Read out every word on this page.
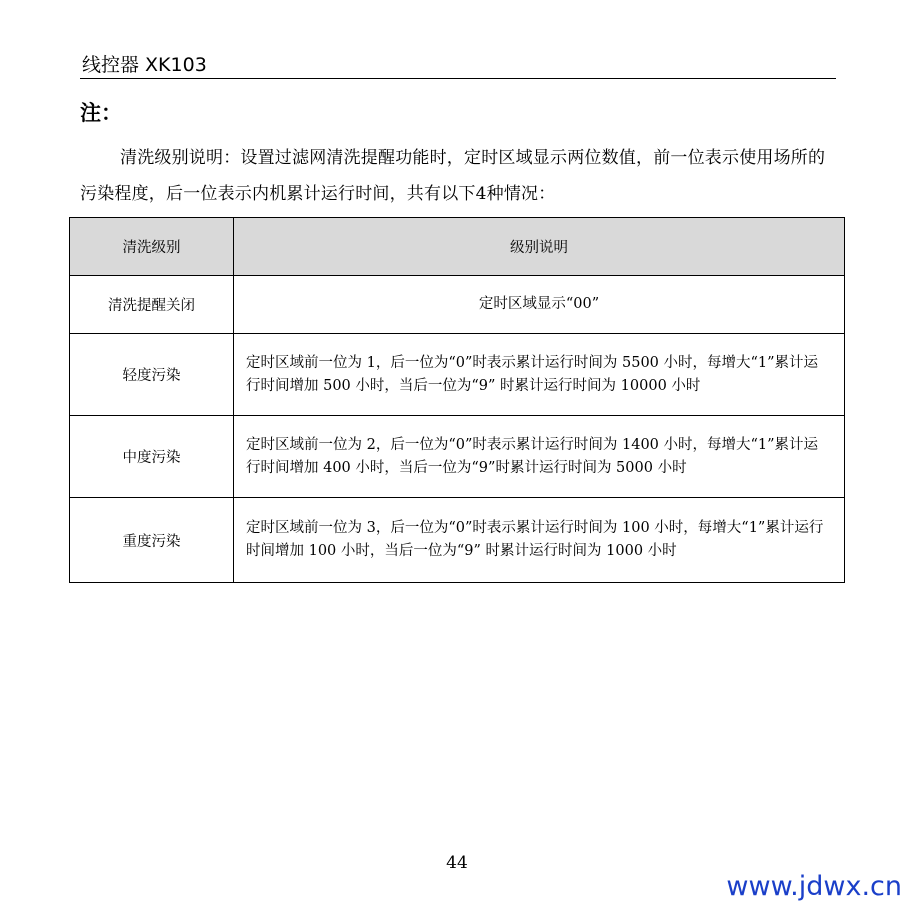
线控器 XK103
注：
清洗级别说明：设置过滤网清洗提醒功能时，定时区域显示两位数值，前一位表示使用场所的污染程度，后一位表示内机累计运行时间，共有以下4种情况：
清洗级别	级别说明
清洗提醒关闭	定时区域显示“00”
轻度污染	定时区域前一位为 1，后一位为“0”时表示累计运行时间为 5500 小时，每增大“1”累计运行时间增加 500 小时，当后一位为“9” 时累计运行时间为 10000 小时
中度污染	定时区域前一位为 2，后一位为“0”时表示累计运行时间为 1400 小时，每增大“1”累计运行时间增加 400 小时，当后一位为“9”时累计运行时间为 5000 小时
重度污染	定时区域前一位为 3，后一位为“0”时表示累计运行时间为 100 小时，每增大“1”累计运行时间增加 100 小时，当后一位为“9” 时累计运行时间为 1000 小时
44
www.jdwx.cn
